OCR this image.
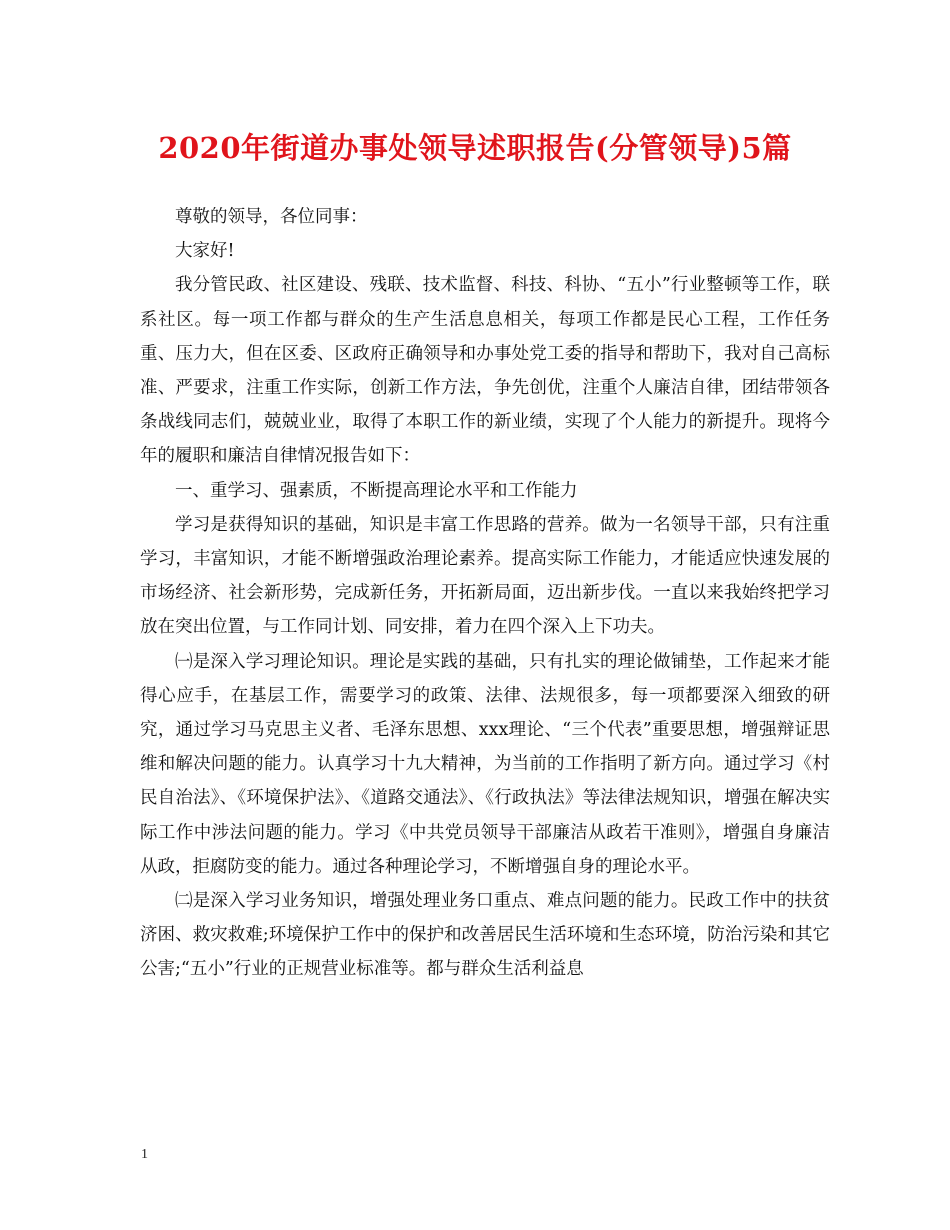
2020年街道办事处领导述职报告(分管领导)5篇

尊敬的领导，各位同事：

大家好!

我分管民政、社区建设、残联、技术监督、科技、科协、“五小”行业整顿等工作，联系社区。每一项工作都与群众的生产生活息息相关，每项工作都是民心工程，工作任务重、压力大，但在区委、区政府正确领导和办事处党工委的指导和帮助下，我对自己高标准、严要求，注重工作实际，创新工作方法，争先创优，注重个人廉洁自律，团结带领各条战线同志们，兢兢业业，取得了本职工作的新业绩，实现了个人能力的新提升。现将今年的履职和廉洁自律情况报告如下：

一、重学习、强素质，不断提高理论水平和工作能力

学习是获得知识的基础，知识是丰富工作思路的营养。做为一名领导干部，只有注重学习，丰富知识，才能不断增强政治理论素养。提高实际工作能力，才能适应快速发展的市场经济、社会新形势，完成新任务，开拓新局面，迈出新步伐。一直以来我始终把学习放在突出位置，与工作同计划、同安排，着力在四个深入上下功夫。

㈠是深入学习理论知识。理论是实践的基础，只有扎实的理论做铺垫，工作起来才能得心应手，在基层工作，需要学习的政策、法律、法规很多，每一项都要深入细致的研究，通过学习马克思主义者、毛泽东思想、xxx理论、“三个代表”重要思想，增强辩证思维和解决问题的能力。认真学习十九大精神，为当前的工作指明了新方向。通过学习《村民自治法》、《环境保护法》、《道路交通法》、《行政执法》等法律法规知识，增强在解决实际工作中涉法问题的能力。学习《中共党员领导干部廉洁从政若干准则》，增强自身廉洁从政，拒腐防变的能力。通过各种理论学习，不断增强自身的理论水平。

㈡是深入学习业务知识，增强处理业务口重点、难点问题的能力。民政工作中的扶贫济困、救灾救难;环境保护工作中的保护和改善居民生活环境和生态环境，防治污染和其它公害;“五小”行业的正规营业标准等。都与群众生活利益息

1
